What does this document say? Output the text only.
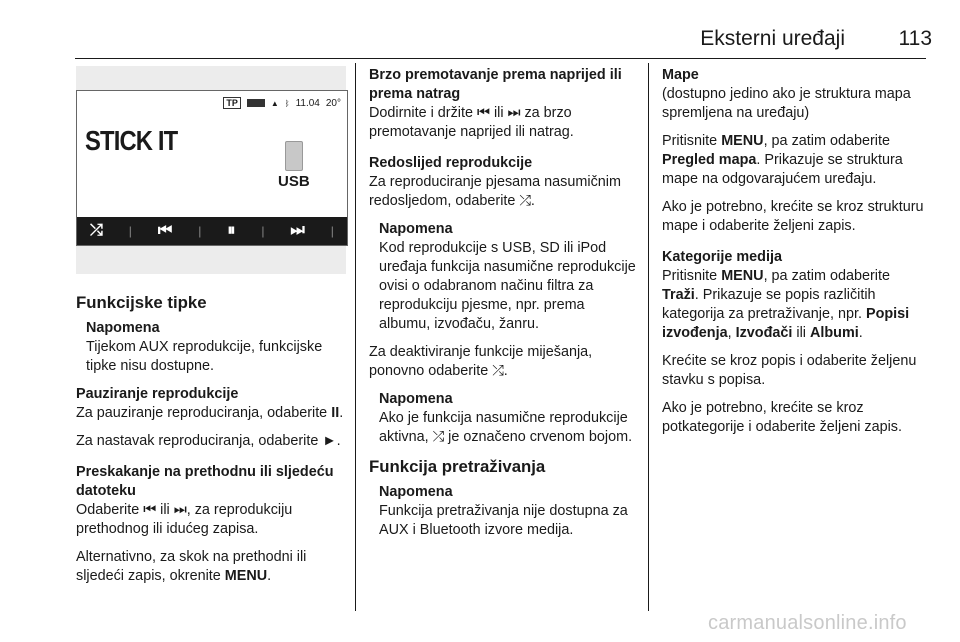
Eksterni uređaji	113
TP	▲ ᛒ 11.04 20°
STICK IT
USB
⤮ | ⏮ | ⏸ | ⏭ |
Funkcijske tipke
Napomena

Tijekom AUX reprodukcije, funkcijske tipke nisu dostupne.

Pauziranje reprodukcije

Za pauziranje reproduciranja, odaberite II.

Za nastavak reproduciranja, odaberite ►.

Preskakanje na prethodnu ili sljedeću datoteku

Odaberite ⏮ ili ⏭, za reprodukciju prethodnog ili idućeg zapisa.

Alternativno, za skok na prethodni ili sljedeći zapis, okrenite MENU.

Brzo premotavanje prema naprijed ili prema natrag

Dodirnite i držite ⏮ ili ⏭ za brzo premotavanje naprijed ili natrag.

Redoslijed reprodukcije

Za reproduciranje pjesama nasumičnim redosljedom, odaberite ⤮.

Napomena

Kod reprodukcije s USB, SD ili iPod uređaja funkcija nasumične reprodukcije ovisi o odabranom načinu filtra za reprodukciju pjesme, npr. prema albumu, izvođaču, žanru.

Za deaktiviranje funkcije miješanja, ponovno odaberite ⤮.

Napomena

Ako je funkcija nasumične reprodukcije aktivna, ⤮ je označeno crvenom bojom.

Funkcija pretraživanja
Napomena

Funkcija pretraživanja nije dostupna za AUX i Bluetooth izvore medija.

Mape

(dostupno jedino ako je struktura mapa spremljena na uređaju)

Pritisnite MENU, pa zatim odaberite Pregled mapa. Prikazuje se struktura mape na odgovarajućem uređaju.

Ako je potrebno, krećite se kroz strukturu mape i odaberite željeni zapis.

Kategorije medija

Pritisnite MENU, pa zatim odaberite Traži. Prikazuje se popis različitih kategorija za pretraživanje, npr. Popisi izvođenja, Izvođači ili Albumi.

Krećite se kroz popis i odaberite željenu stavku s popisa.

Ako je potrebno, krećite se kroz potkategorije i odaberite željeni zapis.

carmanualsonline.info
